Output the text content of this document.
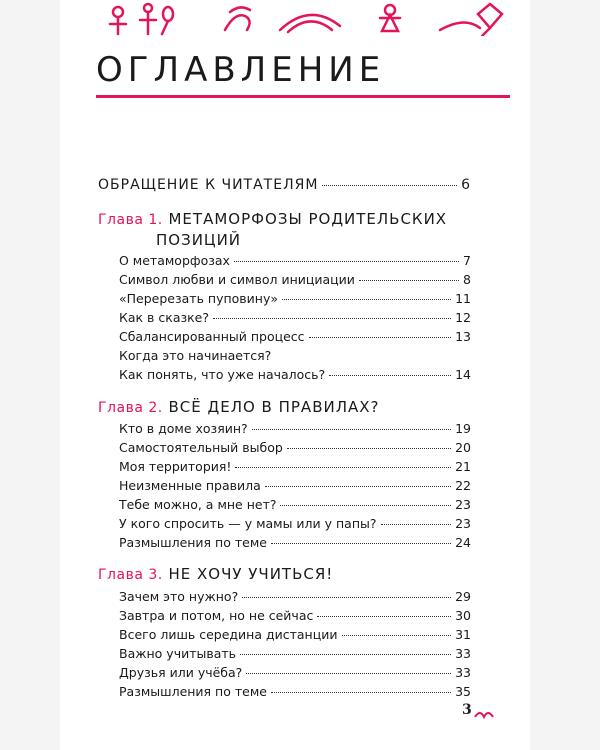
ОГЛАВЛЕНИЕ
ОБРАЩЕНИЕ К ЧИТАТЕЛЯМ	6
Глава 1. МЕТАМОРФОЗЫ РОДИТЕЛЬСКИХ
ПОЗИЦИЙ
О метаморфозах	7
Символ любви и символ инициации	8
«Перерезать пуповину»	11
Как в сказке?	12
Сбалансированный процесс	13
Когда это начинается?
Как понять, что уже началось?	14
Глава 2. ВСЁ ДЕЛО В ПРАВИЛАХ?
Кто в доме хозяин?	19
Самостоятельный выбор	20
Моя территория!	21
Неизменные правила	22
Тебе можно, а мне нет?	23
У кого спросить — у мамы или у папы?	23
Размышления по теме	24
Глава 3. НЕ ХОЧУ УЧИТЬСЯ!
Зачем это нужно?	29
Завтра и потом, но не сейчас	30
Всего лишь середина дистанции	31
Важно учитывать	33
Друзья или учёба?	33
Размышления по теме	35
3
